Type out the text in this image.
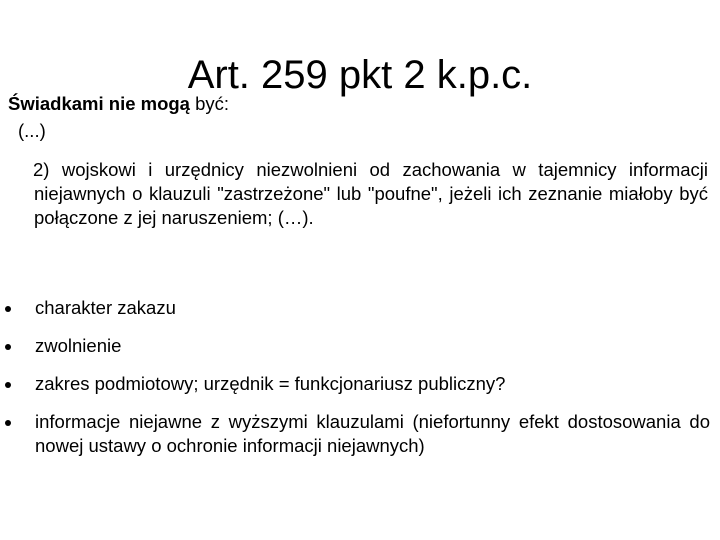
Art. 259 pkt 2 k.p.c.

Świadkami nie mogą być:

(...)

2) wojskowi i urzędnicy niezwolnieni od zachowania w tajemnicy informacji niejawnych o klauzuli "zastrzeżone" lub "poufne", jeżeli ich zeznanie miałoby być połączone z jej naruszeniem; (…).

charakter zakazu
zwolnienie
zakres podmiotowy; urzędnik = funkcjonariusz publiczny?
informacje niejawne z wyższymi klauzulami (niefortunny efekt dostosowania do nowej ustawy o ochronie informacji niejawnych)
